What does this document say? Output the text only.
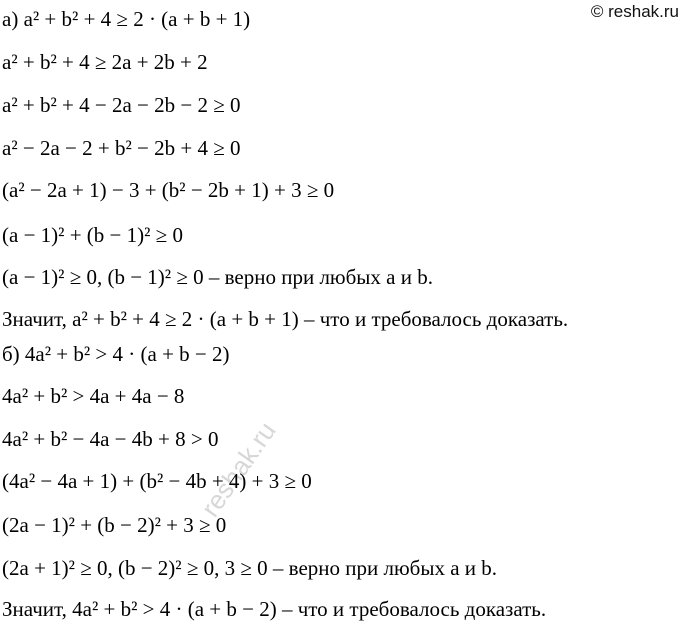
© reshak.ru
reshak.ru
а) a² + b² + 4 ≥ 2 · (a + b + 1)
a² + b² + 4 ≥ 2a + 2b + 2
a² + b² + 4 − 2a − 2b − 2 ≥ 0
a² − 2a − 2 + b² − 2b + 4 ≥ 0
(a² − 2a + 1) − 3 + (b² − 2b + 1) + 3 ≥ 0
(a − 1)² + (b − 1)² ≥ 0
(a − 1)² ≥ 0, (b − 1)² ≥ 0 – верно при любых a и b.
Значит, a² + b² + 4 ≥ 2 · (a + b + 1) – что и требовалось доказать.
б) 4a² + b² > 4 · (a + b − 2)
4a² + b² > 4a + 4a − 8
4a² + b² − 4a − 4b + 8 > 0
(4a² − 4a + 1) + (b² − 4b + 4) + 3 ≥ 0
(2a − 1)² + (b − 2)² + 3 ≥ 0
(2a + 1)² ≥ 0, (b − 2)² ≥ 0, 3 ≥ 0 – верно при любых a и b.
Значит, 4a² + b² > 4 · (a + b − 2) – что и требовалось доказать.
